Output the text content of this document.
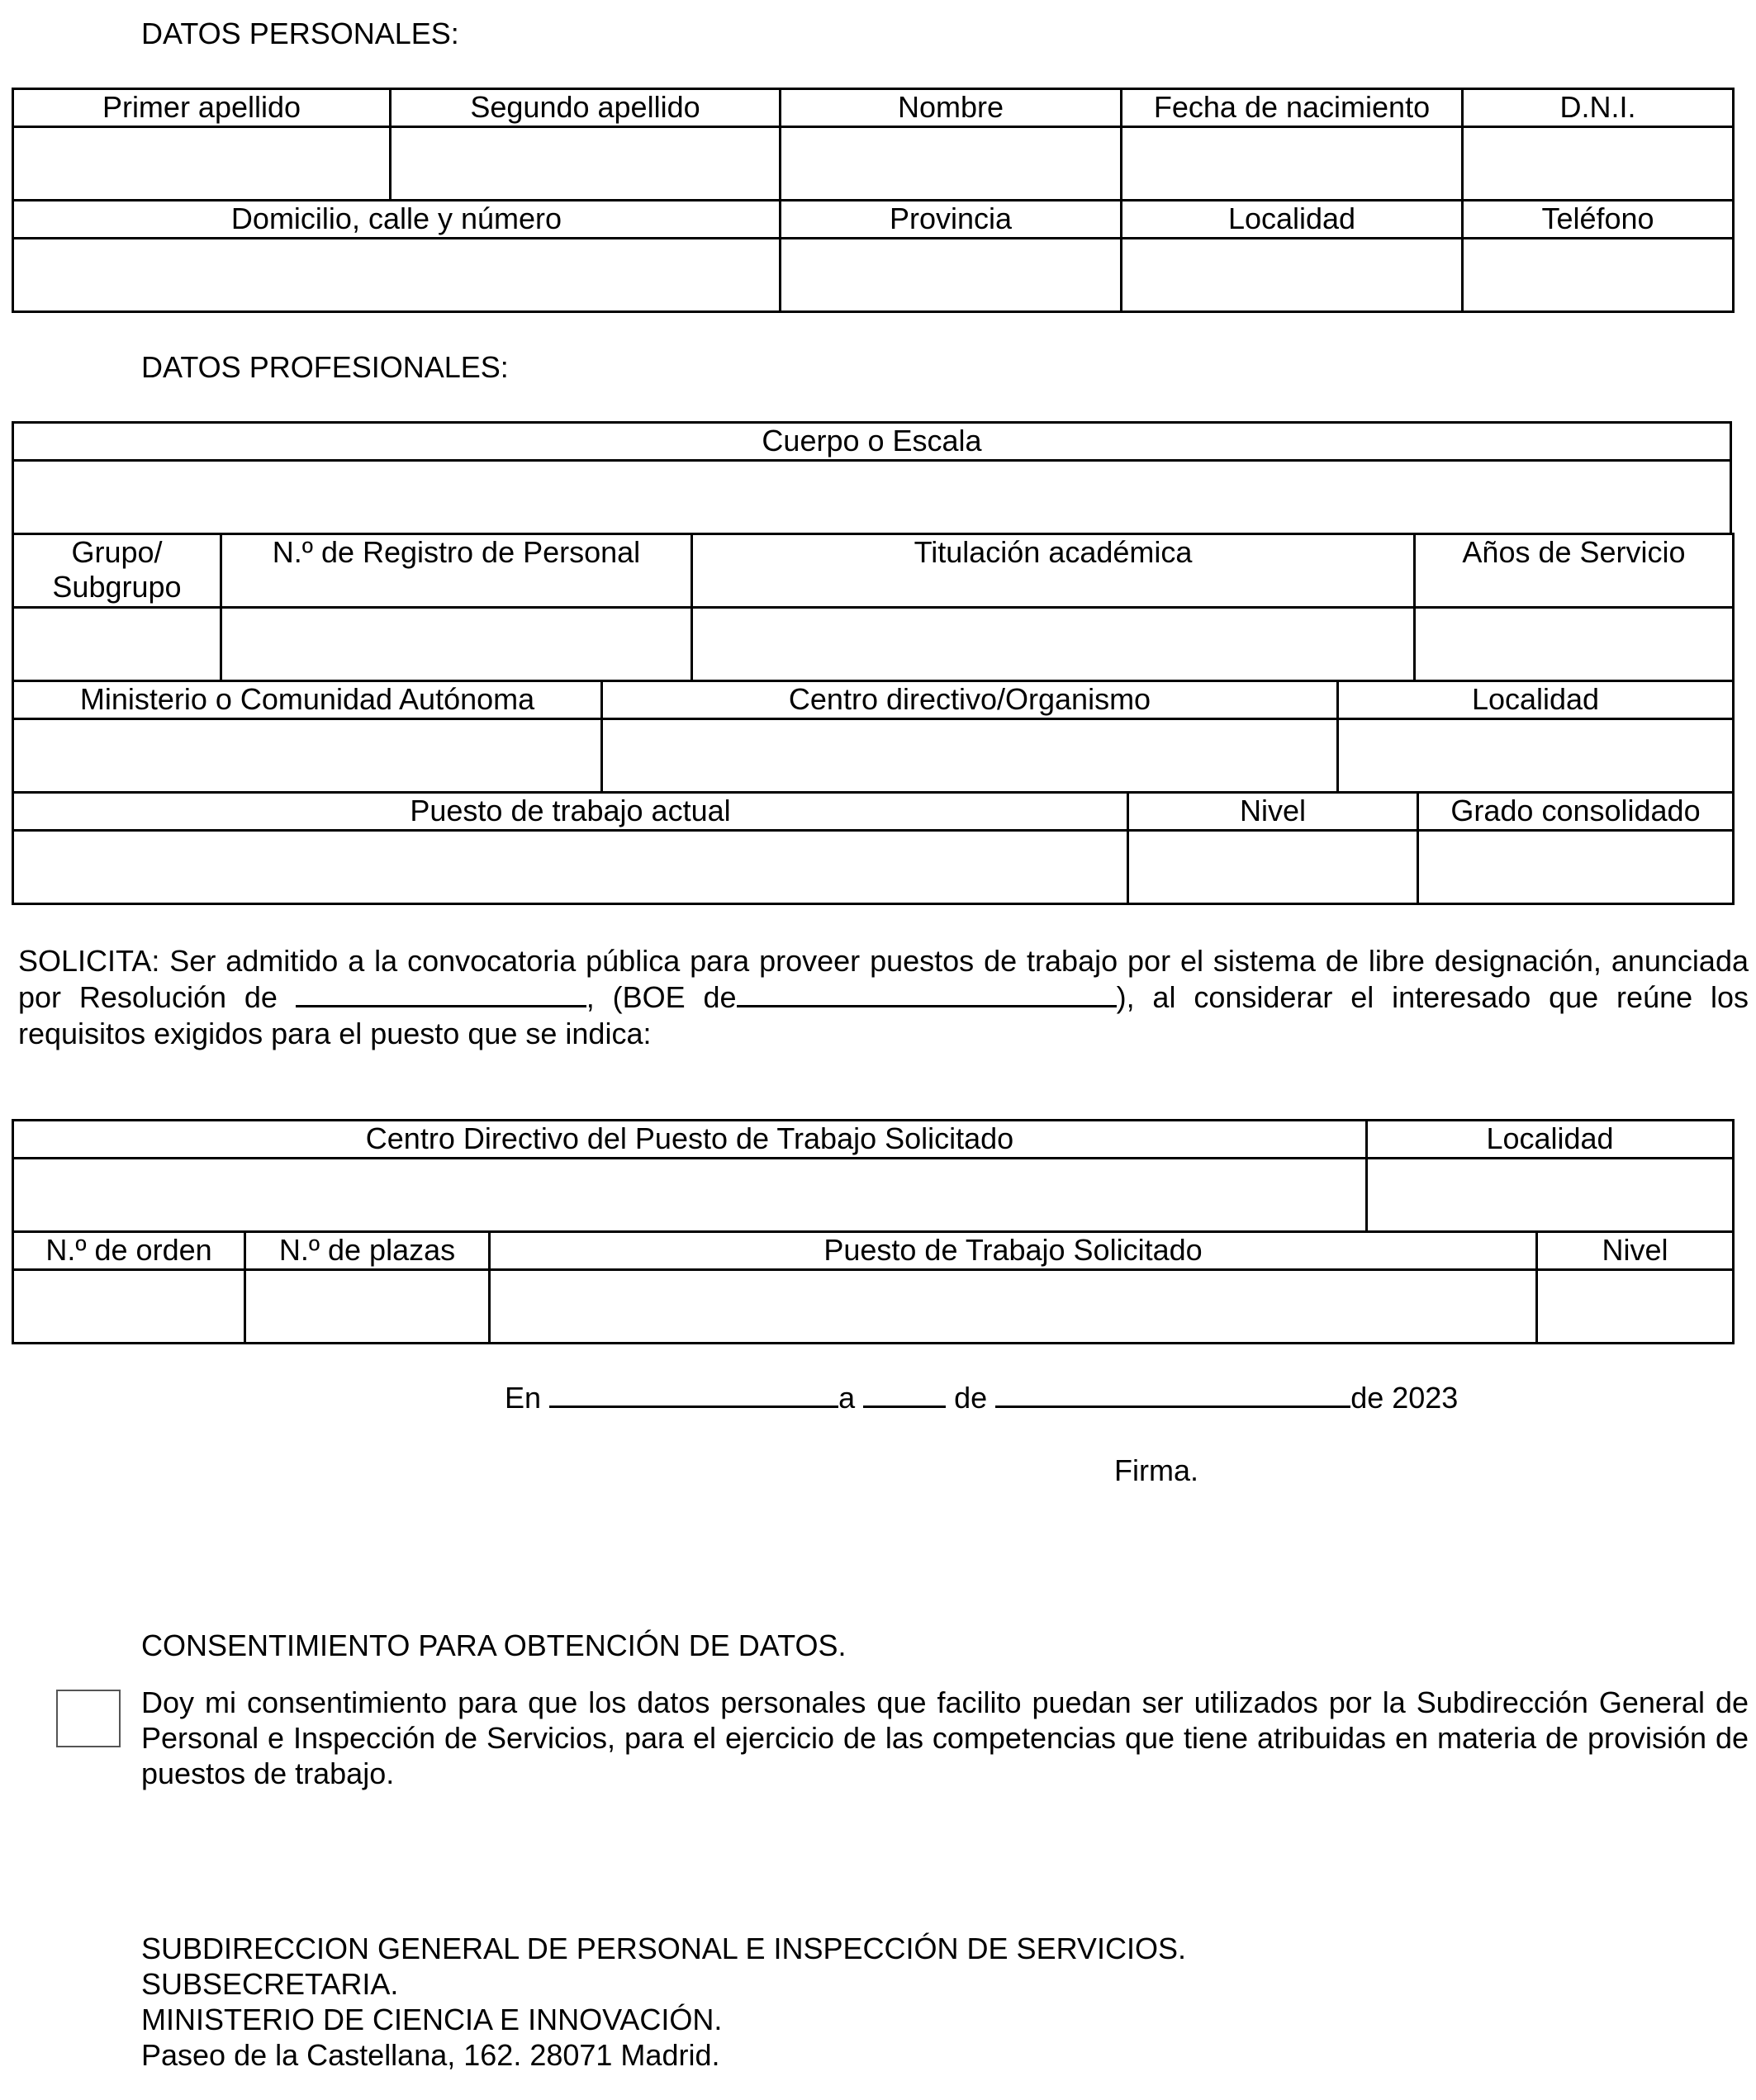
DATOS PERSONALES:
Primer apellido	Segundo apellido	Nombre	Fecha de nacimiento	D.N.I.

Domicilio, calle y número		Provincia	Localidad	Teléfono

DATOS PROFESIONALES:
Cuerpo o Escala

Grupo/ Subgrupo	N.º de Registro de Personal	Titulación académica	Años de Servicio

Ministerio o Comunidad Autónoma	Centro directivo/Organismo	Localidad

Puesto de trabajo actual	Nivel	Grado consolidado

SOLICITA: Ser admitido a la convocatoria pública para proveer puestos de trabajo por el sistema de libre designación, anunciada por Resolución de	, (BOE de	), al considerar el interesado que reúne los requisitos exigidos para el puesto que se indica:
Centro Directivo del Puesto de Trabajo Solicitado	Localidad

N.º de orden	N.º de plazas	Puesto de Trabajo Solicitado	Nivel

En	a	de	de 2023
Firma.
CONSENTIMIENTO PARA OBTENCIÓN DE DATOS.
Doy mi consentimiento para que los datos personales que facilito puedan ser utilizados por la Subdirección General de Personal e Inspección de Servicios, para el ejercicio de las competencias que tiene atribuidas en materia de provisión de puestos de trabajo.
SUBDIRECCION GENERAL DE PERSONAL E INSPECCIÓN DE SERVICIOS.
SUBSECRETARIA.
MINISTERIO DE CIENCIA E INNOVACIÓN.
Paseo de la Castellana, 162. 28071 Madrid.
